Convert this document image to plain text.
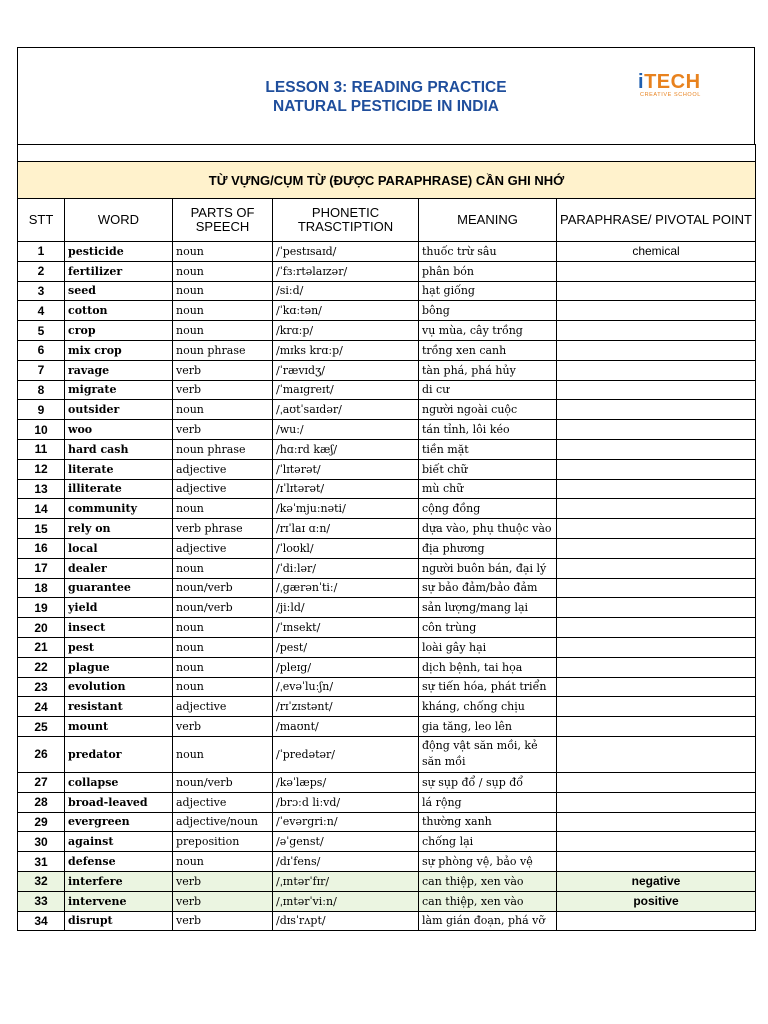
LESSON 3: READING PRACTICE
NATURAL PESTICIDE IN INDIA
iTECH
CREATIVE SCHOOL

TỪ VỰNG/CỤM TỪ (ĐƯỢC PARAPHRASE) CẦN GHI NHỚ					
STT	WORD	PARTS OF SPEECH	PHONETIC TRASCTIPTION	MEANING	PARAPHRASE/ PIVOTAL POINT
1	pesticide	noun	/ˈpestɪsaɪd/	thuốc trừ sâu	chemical
2	fertilizer	noun	/ˈfɜːrtəlaɪzər/	phân bón	
3	seed	noun	/siːd/	hạt giống	
4	cotton	noun	/ˈkɑːtən/	bông	
5	crop	noun	/krɑːp/	vụ mùa, cây trồng	
6	mix crop	noun phrase	/mɪks krɑːp/	trồng xen canh	
7	ravage	verb	/ˈrævɪdʒ/	tàn phá, phá hủy	
8	migrate	verb	/ˈmaɪgreɪt/	di cư	
9	outsider	noun	/ˌaʊtˈsaɪdər/	người ngoài cuộc	
10	woo	verb	/wuː/	tán tỉnh, lôi kéo	
11	hard cash	noun phrase	/hɑːrd kæʃ/	tiền mặt	
12	literate	adjective	/ˈlɪtərət/	biết chữ	
13	illiterate	adjective	/ɪˈlɪtərət/	mù chữ	
14	community	noun	/kəˈmjuːnəti/	cộng đồng	
15	rely on	verb phrase	/rɪˈlaɪ ɑːn/	dựa vào, phụ thuộc vào	
16	local	adjective	/ˈloʊkl/	địa phương	
17	dealer	noun	/ˈdiːlər/	người buôn bán, đại lý	
18	guarantee	noun/verb	/ˌgærənˈtiː/	sự bảo đảm/bảo đảm	
19	yield	noun/verb	/jiːld/	sản lượng/mang lại	
20	insect	noun	/ˈɪnsekt/	côn trùng	
21	pest	noun	/pest/	loài gây hại	
22	plague	noun	/pleɪg/	dịch bệnh, tai họa	
23	evolution	noun	/ˌevəˈluːʃn/	sự tiến hóa, phát triển	
24	resistant	adjective	/rɪˈzɪstənt/	kháng, chống chịu	
25	mount	verb	/maʊnt/	gia tăng, leo lên	
26	predator	noun	/ˈpredətər/	động vật săn mồi, kẻ săn mồi	
27	collapse	noun/verb	/kəˈlæps/	sự sụp đổ / sụp đổ	
28	broad-leaved	adjective	/brɔːd liːvd/	lá rộng	
29	evergreen	adjective/noun	/ˈevərgriːn/	thường xanh	
30	against	preposition	/əˈgenst/	chống lại	
31	defense	noun	/dɪˈfens/	sự phòng vệ, bảo vệ	
32	interfere	verb	/ˌɪntərˈfɪr/	can thiệp, xen vào	negative
33	intervene	verb	/ˌɪntərˈviːn/	can thiệp, xen vào	positive
34	disrupt	verb	/dɪsˈrʌpt/	làm gián đoạn, phá vỡ	
